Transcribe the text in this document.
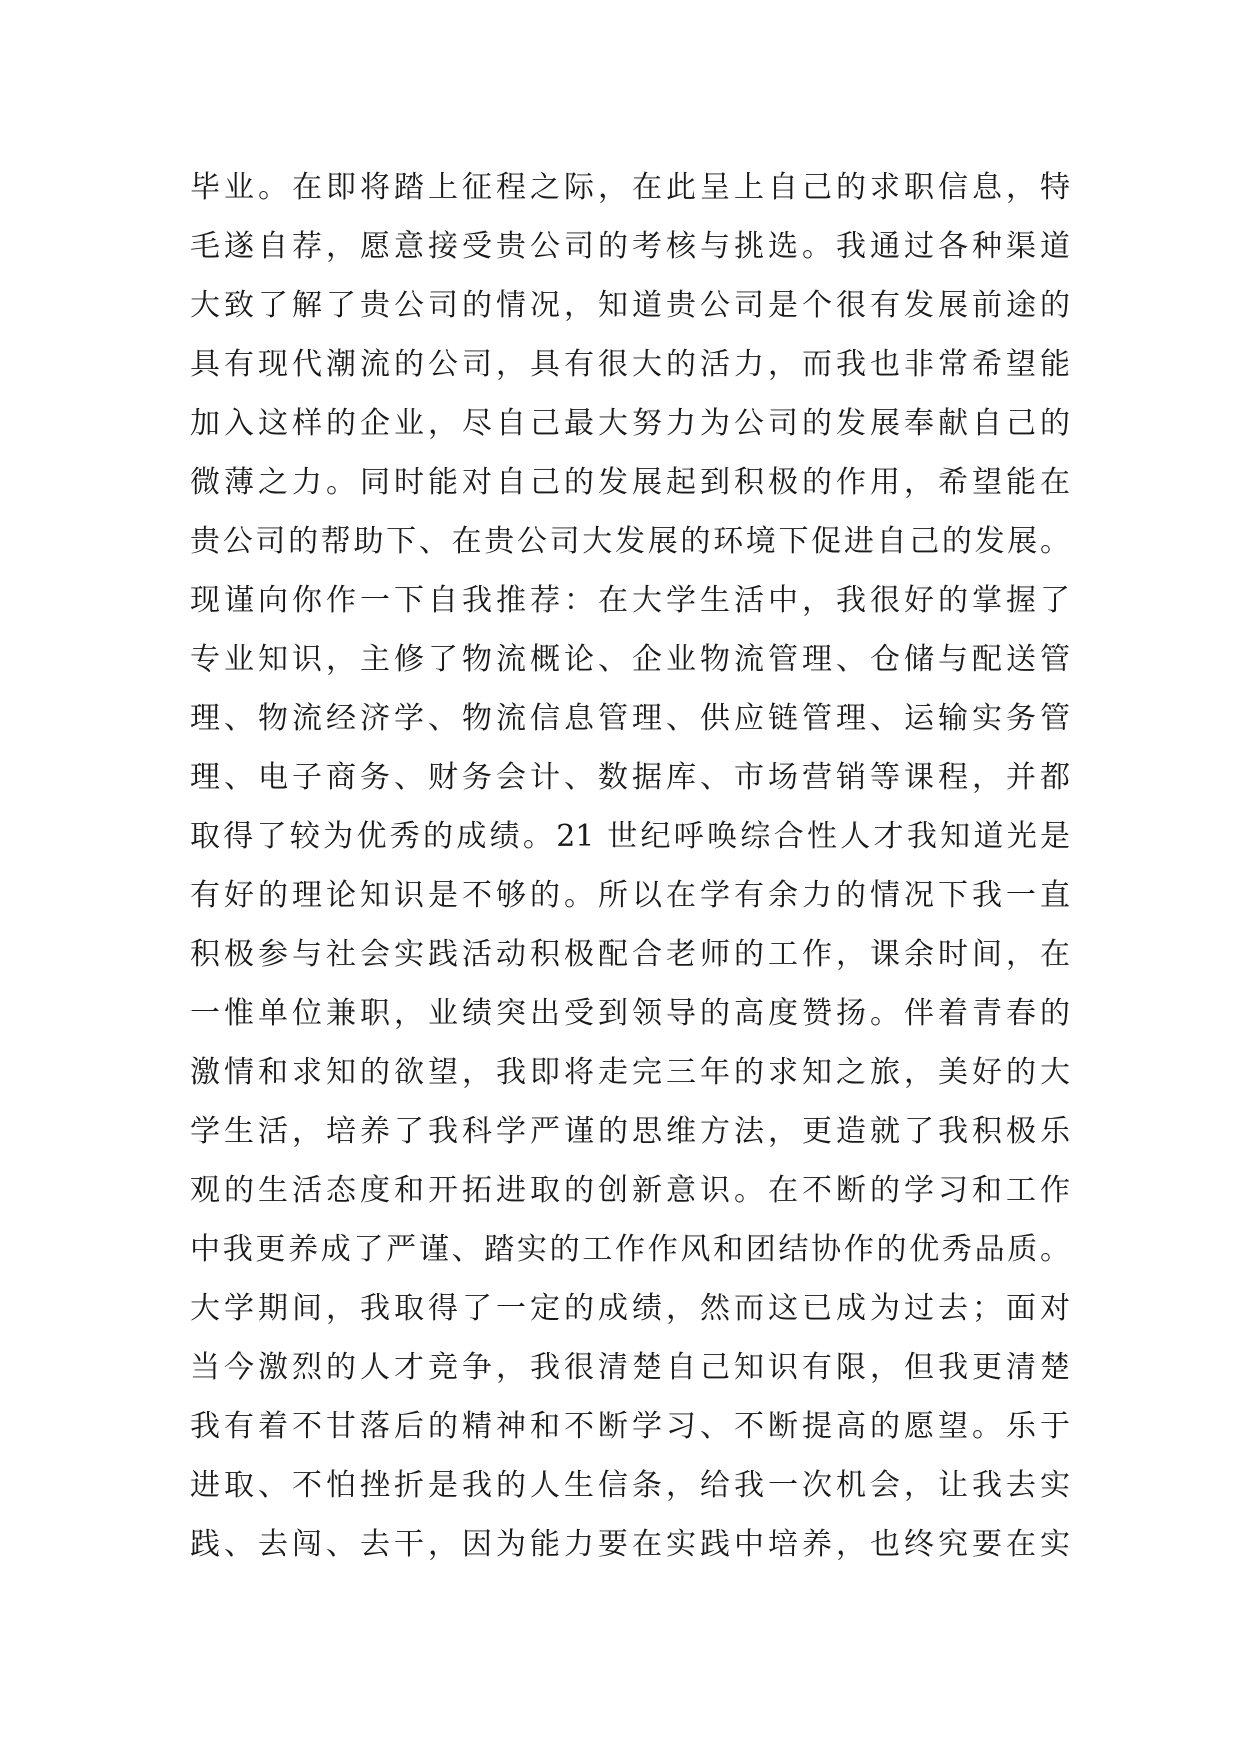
毕业。在即将踏上征程之际，在此呈上自己的求职信息，特
毛遂自荐，愿意接受贵公司的考核与挑选。我通过各种渠道
大致了解了贵公司的情况，知道贵公司是个很有发展前途的
具有现代潮流的公司，具有很大的活力，而我也非常希望能
加入这样的企业，尽自己最大努力为公司的发展奉献自己的
微薄之力。同时能对自己的发展起到积极的作用，希望能在
贵公司的帮助下、在贵公司大发展的环境下促进自己的发展。
现谨向你作一下自我推荐：在大学生活中，我很好的掌握了
专业知识，主修了物流概论、企业物流管理、仓储与配送管
理、物流经济学、物流信息管理、供应链管理、运输实务管
理、电子商务、财务会计、数据库、市场营销等课程，并都
取得了较为优秀的成绩。21 世纪呼唤综合性人才我知道光是
有好的理论知识是不够的。所以在学有余力的情况下我一直
积极参与社会实践活动积极配合老师的工作，课余时间，在
一惟单位兼职，业绩突出受到领导的高度赞扬。伴着青春的
激情和求知的欲望，我即将走完三年的求知之旅，美好的大
学生活，培养了我科学严谨的思维方法，更造就了我积极乐
观的生活态度和开拓进取的创新意识。在不断的学习和工作
中我更养成了严谨、踏实的工作作风和团结协作的优秀品质。
大学期间，我取得了一定的成绩，然而这已成为过去；面对
当今激烈的人才竞争，我很清楚自己知识有限，但我更清楚
我有着不甘落后的精神和不断学习、不断提高的愿望。乐于
进取、不怕挫折是我的人生信条，给我一次机会，让我去实
践、去闯、去干，因为能力要在实践中培养，也终究要在实
